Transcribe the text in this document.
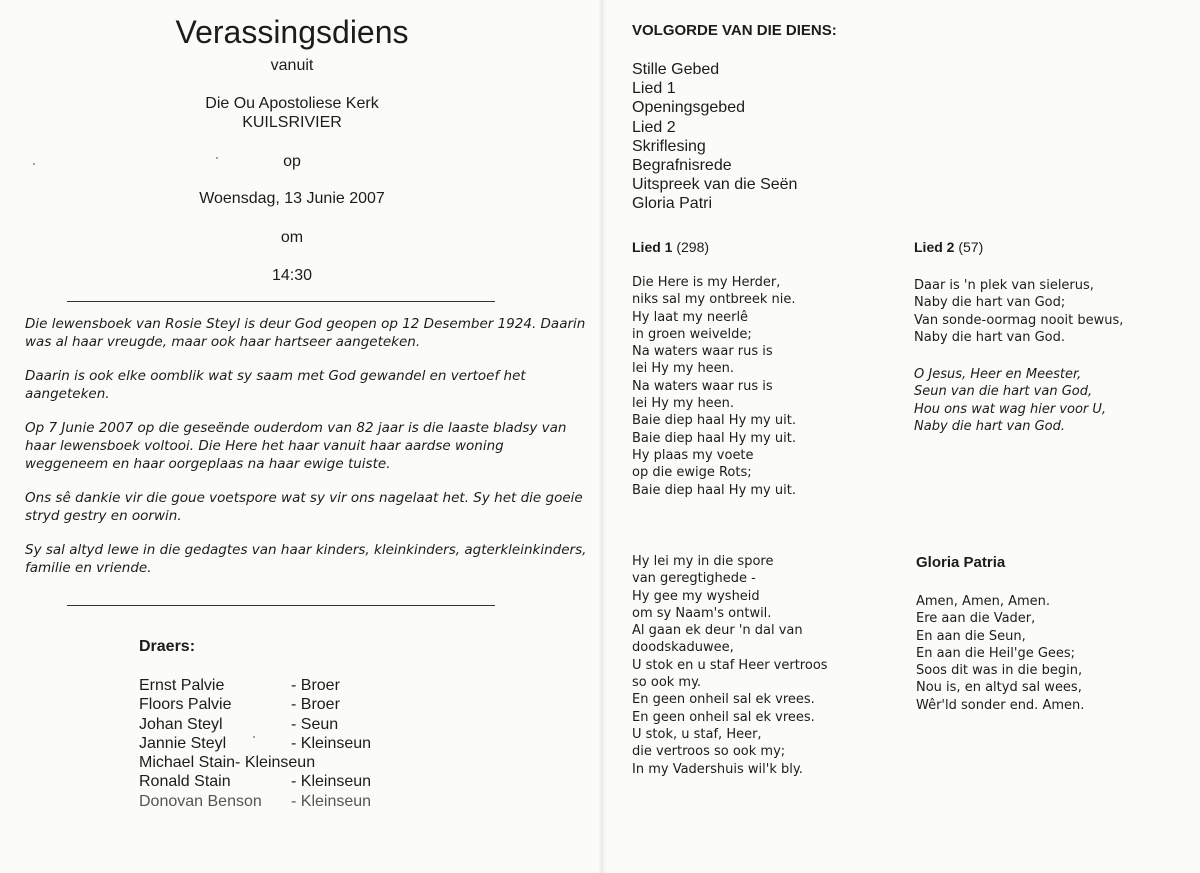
Verassingsdiens
vanuit
Die Ou Apostoliese Kerk
KUILSRIVIER
op
Woensdag, 13 Junie 2007
om
14:30

Die lewensboek van Rosie Steyl is deur God geopen op 12 Desember 1924. Daarin was al haar vreugde, maar ook haar hartseer aangeteken.

Daarin is ook elke oomblik wat sy saam met God gewandel en vertoef het aangeteken.

Op 7 Junie 2007 op die geseënde ouderdom van 82 jaar is die laaste bladsy van haar lewensboek voltooi. Die Here het haar vanuit haar aardse woning weggeneem en haar oorgeplaas na haar ewige tuiste.

Ons sê dankie vir die goue voetspore wat sy vir ons nagelaat het. Sy het die goeie stryd gestry en oorwin.

Sy sal altyd lewe in die gedagtes van haar kinders, kleinkinders, agterkleinkinders, familie en vriende.

Draers:
Ernst Palvie	- Broer
Floors Palvie	- Broer
Johan Steyl	- Seun
Jannie Steyl	- Kleinseun
Michael Stain- Kleinseun
Ronald Stain	- Kleinseun
Donovan Benson	- Kleinseun
VOLGORDE VAN DIE DIENS:
Stille Gebed
Lied 1
Openingsgebed
Lied 2
Skriflesing
Begrafnisrede
Uitspreek van die Seën
Gloria Patri
Lied 1 (298)
Die Here is my Herder,
niks sal my ontbreek nie.
Hy laat my neerlê
in groen weivelde;
Na waters waar rus is
lei Hy my heen.
Na waters waar rus is
lei Hy my heen.
Baie diep haal Hy my uit.
Baie diep haal Hy my uit.
Hy plaas my voete
op die ewige Rots;
Baie diep haal Hy my uit.
Hy lei my in die spore
van geregtighede -
Hy gee my wysheid
om sy Naam's ontwil.
Al gaan ek deur 'n dal van
doodskaduwee,
U stok en u staf Heer vertroos
so ook my.
En geen onheil sal ek vrees.
En geen onheil sal ek vrees.
U stok, u staf, Heer,
die vertroos so ook my;
In my Vadershuis wil'k bly.
Lied 2 (57)
Daar is 'n plek van sielerus,
Naby die hart van God;
Van sonde-oormag nooit bewus,
Naby die hart van God.
O Jesus, Heer en Meester,
Seun van die hart van God,
Hou ons wat wag hier voor U,
Naby die hart van God.
Gloria Patria
Amen, Amen, Amen.
Ere aan die Vader,
En aan die Seun,
En aan die Heil'ge Gees;
Soos dit was in die begin,
Nou is, en altyd sal wees,
Wêr'ld sonder end. Amen.
